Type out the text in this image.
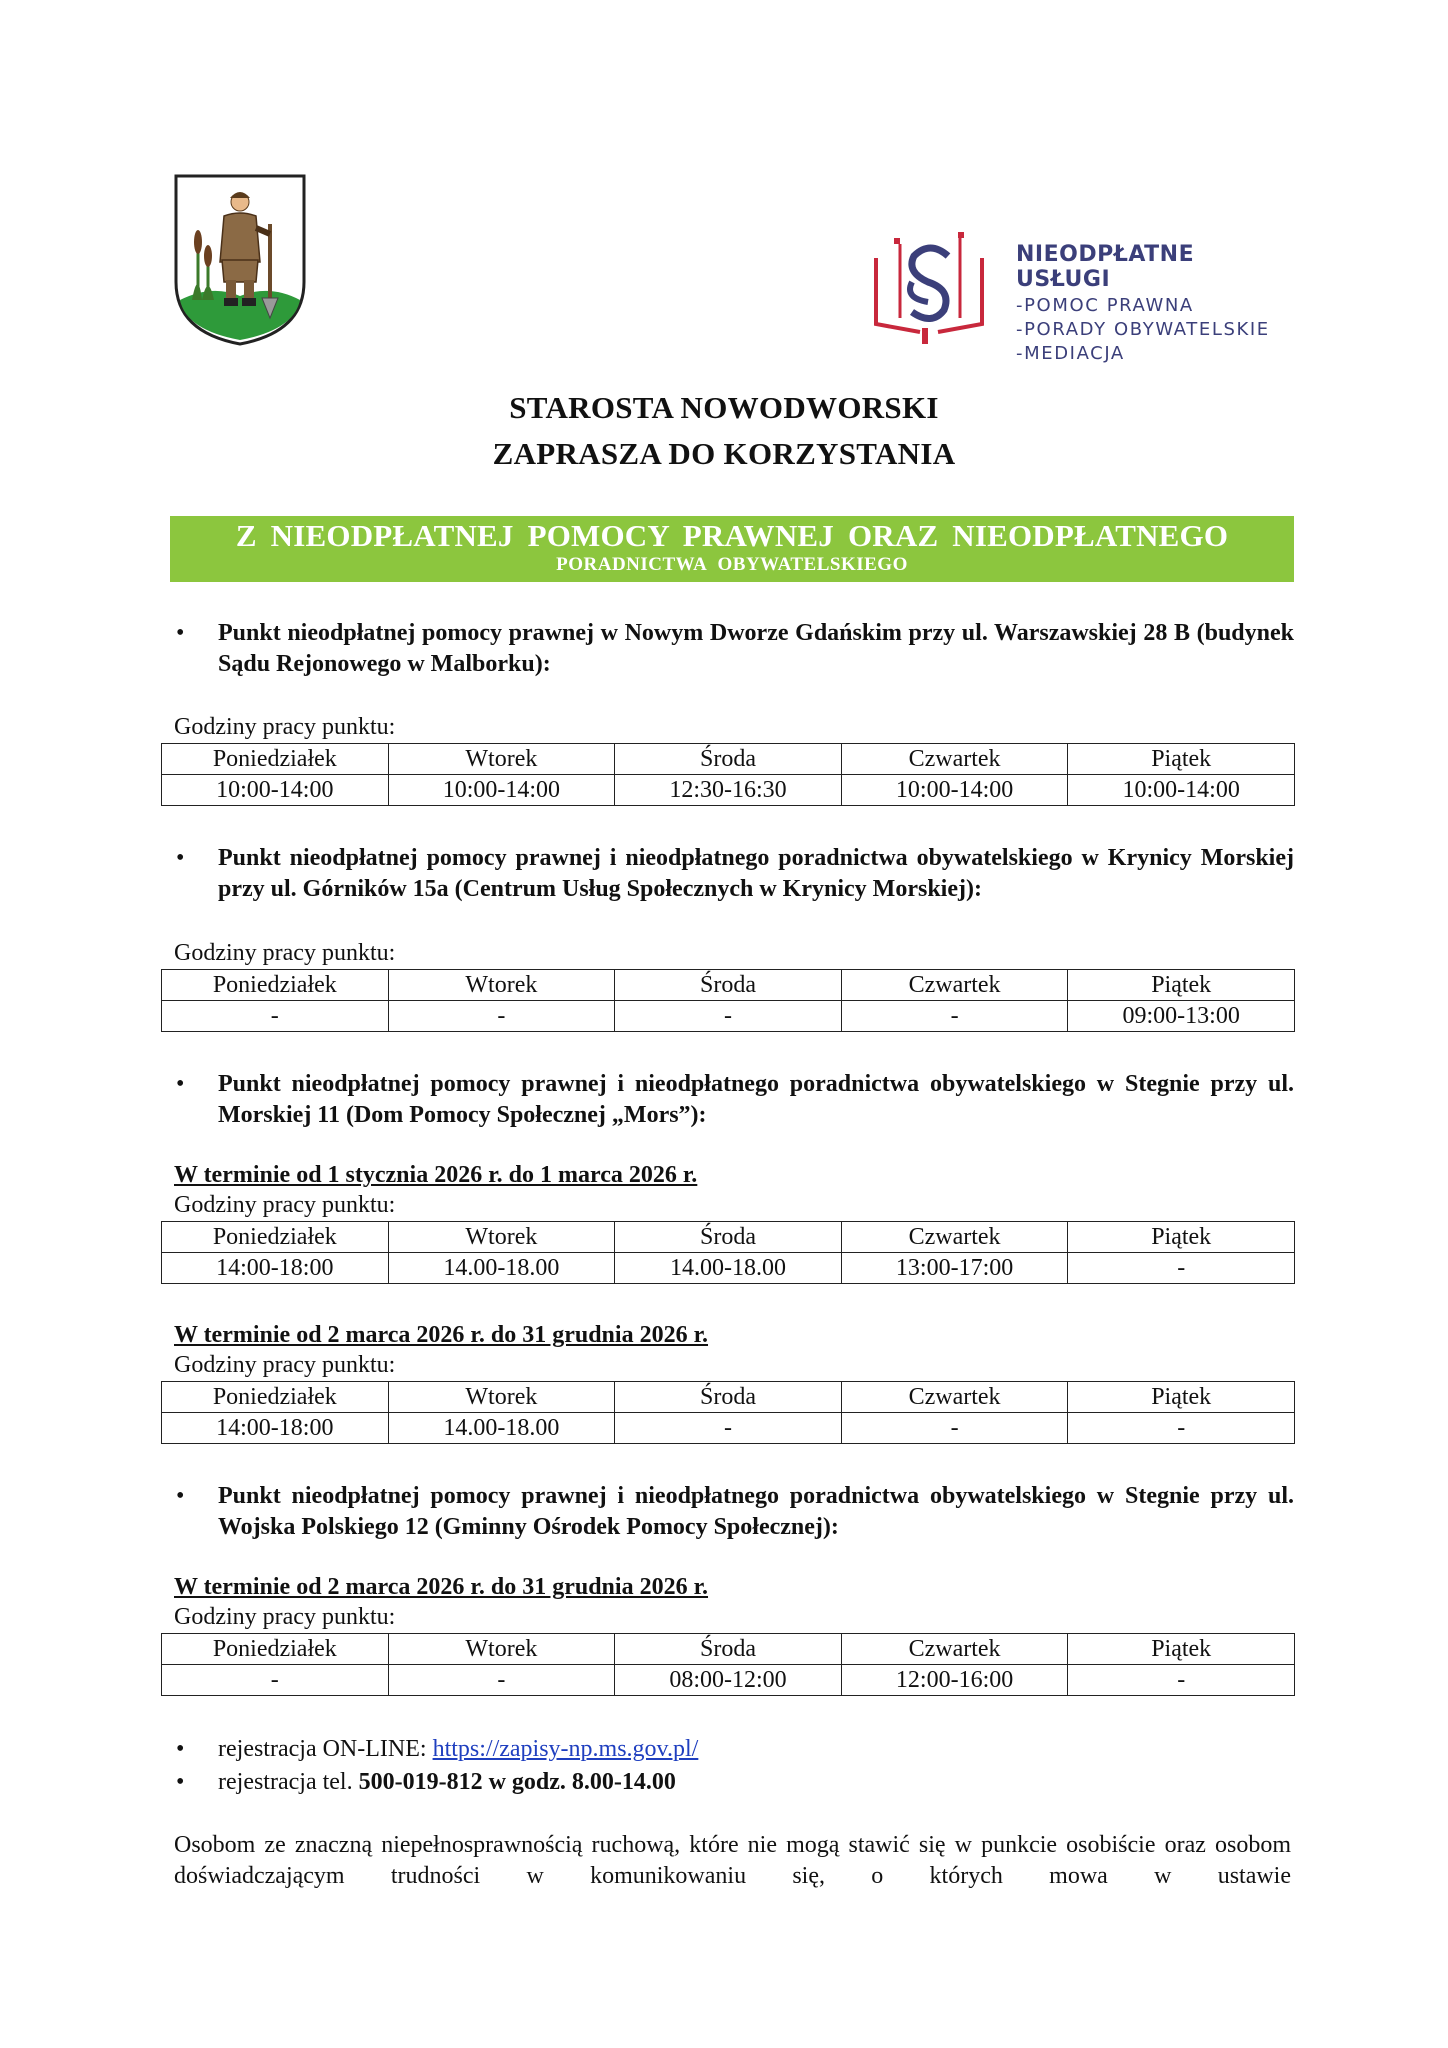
NIEODPŁATNE USŁUGI
-POMOC PRAWNA
-PORADY OBYWATELSKIE
-MEDIACJA
STAROSTA NOWODWORSKI
ZAPRASZA DO KORZYSTANIA
Z NIEODPŁATNEJ POMOCY PRAWNEJ ORAZ NIEODPŁATNEGO
PORADNICTWA OBYWATELSKIEGO
• Punkt nieodpłatnej pomocy prawnej w Nowym Dworze Gdańskim przy ul. Warszawskiej 28 B (budynek Sądu Rejonowego w Malborku):
Godziny pracy punktu:
Poniedziałek	Wtorek	Środa	Czwartek	Piątek
10:00-14:00	10:00-14:00	12:30-16:30	10:00-14:00	10:00-14:00
• Punkt nieodpłatnej pomocy prawnej i nieodpłatnego poradnictwa obywatelskiego w Krynicy Morskiej przy ul. Górników 15a (Centrum Usług Społecznych w Krynicy Morskiej):
Godziny pracy punktu:
Poniedziałek	Wtorek	Środa	Czwartek	Piątek
-	-	-	-	09:00-13:00
• Punkt nieodpłatnej pomocy prawnej i nieodpłatnego poradnictwa obywatelskiego w Stegnie przy ul. Morskiej 11 (Dom Pomocy Społecznej „Mors”):
W terminie od 1 stycznia 2026 r. do 1 marca 2026 r.
Godziny pracy punktu:
Poniedziałek	Wtorek	Środa	Czwartek	Piątek
14:00-18:00	14.00-18.00	14.00-18.00	13:00-17:00	-
W terminie od 2 marca 2026 r. do 31 grudnia 2026 r.
Godziny pracy punktu:
Poniedziałek	Wtorek	Środa	Czwartek	Piątek
14:00-18:00	14.00-18.00	-	-	-
• Punkt nieodpłatnej pomocy prawnej i nieodpłatnego poradnictwa obywatelskiego w Stegnie przy ul. Wojska Polskiego 12 (Gminny Ośrodek Pomocy Społecznej):
W terminie od 2 marca 2026 r. do 31 grudnia 2026 r.
Godziny pracy punktu:
Poniedziałek	Wtorek	Środa	Czwartek	Piątek
-	-	08:00-12:00	12:00-16:00	-
• rejestracja ON-LINE: https://zapisy-np.ms.gov.pl/
• rejestracja tel. 500-019-812 w godz. 8.00-14.00
Osobom ze znaczną niepełnosprawnością ruchową, które nie mogą stawić się w punkcie osobiście oraz osobom doświadczającym trudności w komunikowaniu się, o których mowa w ustawie
